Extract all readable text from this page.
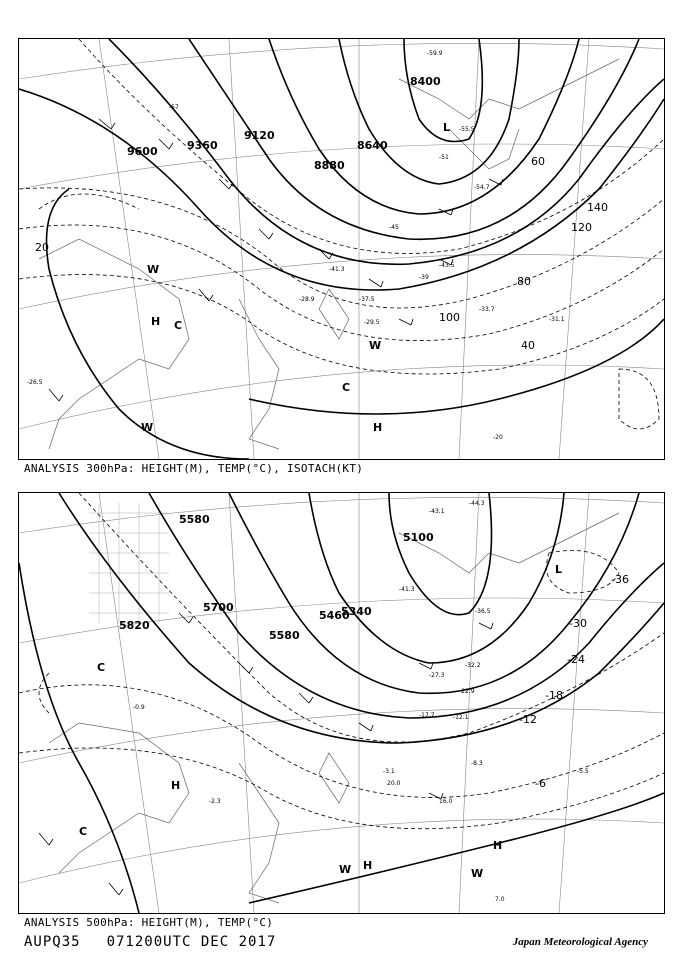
H
H
L
C
C
W
W
W
9600	9360
9120
8880
8640
8400
20
40
60
80
100
120
140
-57
-51
-45
-39
-33.7
-31.1
-29.5
-28.9	-37.5
-41.3
-43.5
-54.7
-55.5
-59.9
-26.5
-20
ANALYSIS 300hPa: HEIGHT(M), TEMP(°C), ISOTACH(KT)
H
H
H
L
C
C
W	W
5820
5700
5580
5460
5340
5100
5580
-36
-30
-24
-18
-12
-6
-44.3
-43.1
-41.3
-36.5
-32.2
-27.3
-22.9
-17.7	-12.1
-8.3
-5.5
-3.1
-2.3
-0.9
16.0
20.0
7.0
ANALYSIS 500hPa: HEIGHT(M), TEMP(°C)
AUPQ35 071200UTC DEC 2017	Japan Meteorological Agency
